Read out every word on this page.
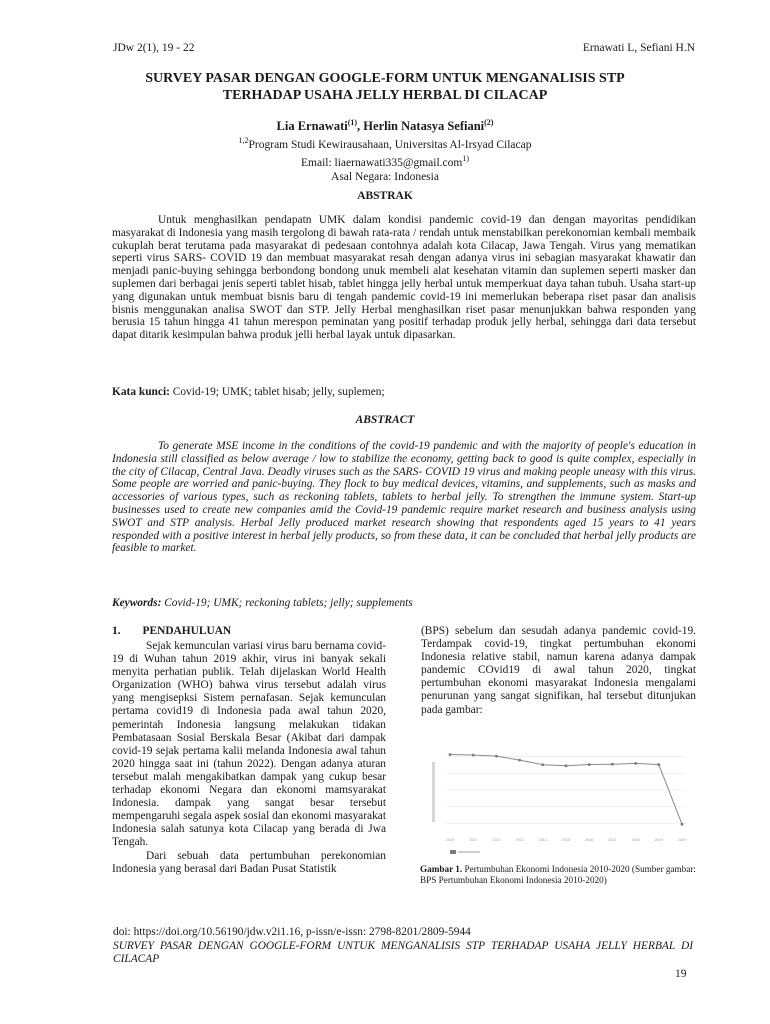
JDw 2(1), 19 - 22	Ernawati L, Sefiani H.N
SURVEY PASAR DENGAN GOOGLE-FORM UNTUK MENGANALISIS STP
TERHADAP USAHA JELLY HERBAL DI CILACAP
Lia Ernawati$^{(1)}$, Herlin Natasya Sefiani$^{(2)}$
$^{1,2}$Program Studi Kewirausahaan, Universitas Al-Irsyad Cilacap
Email: liaernawati335@gmail.com$^{1)}$
Asal Negara: Indonesia
ABSTRAK
Untuk menghasilkan pendapatn UMK dalam kondisi pandemic covid-19 dan dengan mayoritas pendidikan masyarakat di Indonesia yang masih tergolong di bawah rata-rata / rendah untuk menstabilkan perekonomian kembali membaik cukuplah berat terutama pada masyarakat di pedesaan contohnya adalah kota Cilacap, Jawa Tengah. Virus yang mematikan seperti virus SARS- COVID 19 dan membuat masyarakat resah dengan adanya virus ini sebagian masyarakat khawatir dan menjadi panic-buying sehingga berbondong bondong unuk membeli alat kesehatan vitamin dan suplemen seperti masker dan suplemen dari berbagai jenis seperti tablet hisab, tablet hingga jelly herbal untuk memperkuat daya tahan tubuh. Usaha start-up yang digunakan untuk membuat bisnis baru di tengah pandemic covid-19 ini memerlukan beberapa riset pasar dan analisis bisnis menggunakan analisa SWOT dan STP. Jelly Herbal menghasilkan riset pasar menunjukkan bahwa responden yang berusia 15 tahun hingga 41 tahun merespon peminatan yang positif terhadap produk jelly herbal, sehingga dari data tersebut dapat ditarik kesimpulan bahwa produk jelli herbal layak untuk dipasarkan.
Kata kunci: Covid-19; UMK; tablet hisab; jelly, suplemen;
ABSTRACT
To generate MSE income in the conditions of the covid-19 pandemic and with the majority of people's education in Indonesia still classified as below average / low to stabilize the economy, getting back to good is quite complex, especially in the city of Cilacap, Central Java. Deadly viruses such as the SARS- COVID 19 virus and making people uneasy with this virus. Some people are worried and panic-buying. They flock to buy medical devices, vitamins, and supplements, such as masks and accessories of various types, such as reckoning tablets, tablets to herbal jelly. To strengthen the immune system. Start-up businesses used to create new companies amid the Covid-19 pandemic require market research and business analysis using SWOT and STP analysis. Herbal Jelly produced market research showing that respondents aged 15 years to 41 years responded with a positive interest in herbal jelly products, so from these data, it can be concluded that herbal jelly products are feasible to market.
Keywords: Covid-19; UMK; reckoning tablets; jelly; supplements
1. PENDAHULUAN
Sejak kemunculan variasi virus baru bernama covid-19 di Wuhan tahun 2019 akhir, virus ini banyak sekali menyita perhatian publik. Telah dijelaskan World Health Organization (WHO) bahwa virus tersebut adalah virus yang mengisepksi Sistem pernafasan. Sejak kemunculan pertama covid19 di Indonesia pada awal tahun 2020, pemerintah Indonesia langsung melakukan tidakan Pembatasaan Sosial Berskala Besar (Akibat dari dampak covid-19 sejak pertama kalii melanda Indonesia awal tahun 2020 hingga saat ini (tahun 2022). Dengan adanya aturan tersebut malah mengakibatkan dampak yang cukup besar terhadap ekonomi Negara dan ekonomi mamsyarakat Indonesia. dampak yang sangat besar tersebut mempengaruhi segala aspek sosial dan ekonomi masyarakat Indonesia salah satunya kota Cilacap yang berada di Jwa Tengah.
Dari sebuah data pertumbuhan perekonomian Indonesia yang berasal dari Badan Pusat Statistik
(BPS) sebelum dan sesudah adanya pandemic covid-19. Terdampak covid-19, tingkat pertumbuhan ekonomi Indonesia relative stabil, namun karena adanya dampak pandemic COvid19 di awal tahun 2020, tingkat pertumbuhan ekonomi masyarakat Indonesia mengalami penurunan yang sangat signifikan, hal tersebut ditunjukan pada gambar:
2010	2011	2012	2013	2014	2015	2016	2017	2018	2019	2020
Gambar 1. Pertumbuhan Ekonomi Indonesia 2010-2020 (Sumber gambar: BPS Pertumbuhan Ekonomi Indonesia 2010-2020)
doi: https://doi.org/10.56190/jdw.v2i1.16, p-issn/e-issn: 2798-8201/2809-5944
SURVEY PASAR DENGAN GOOGLE-FORM UNTUK MENGANALISIS STP TERHADAP USAHA JELLY HERBAL DI CILACAP
19
